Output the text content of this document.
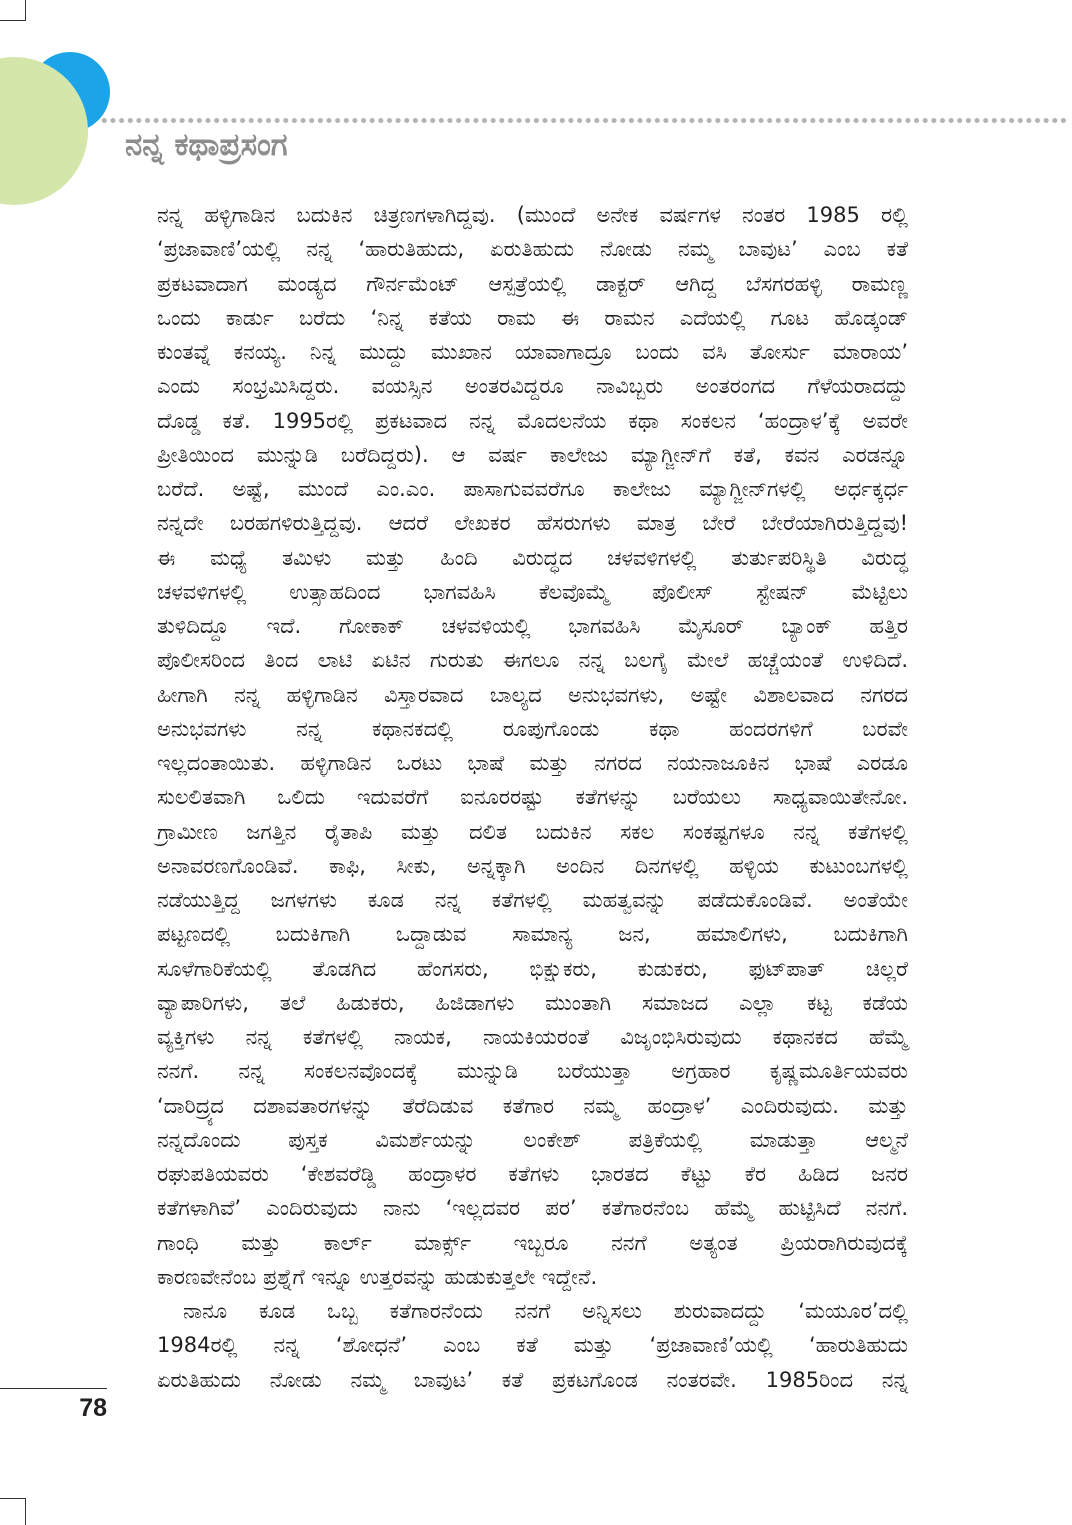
ನನ್ನ ಕಥಾಪ್ರಸಂಗ
ನನ್ನ ಹಳ್ಳಿಗಾಡಿನ ಬದುಕಿನ ಚಿತ್ರಣಗಳಾಗಿದ್ದವು. (ಮುಂದೆ ಅನೇಕ ವರ್ಷಗಳ ನಂತರ 1985 ರಲ್ಲಿ
‘ಪ್ರಜಾವಾಣಿ’ಯಲ್ಲಿ ನನ್ನ ‘ಹಾರುತಿಹುದು, ಏರುತಿಹುದು ನೋಡು ನಮ್ಮ ಬಾವುಟ’ ಎಂಬ ಕತೆ
ಪ್ರಕಟವಾದಾಗ ಮಂಡ್ಯದ ಗೌರ್ನಮೆಂಟ್ ಆಸ್ಪತ್ರೆಯಲ್ಲಿ ಡಾಕ್ಟರ್ ಆಗಿದ್ದ ಬೆಸಗರಹಳ್ಳಿ ರಾಮಣ್ಣ
ಒಂದು ಕಾರ್ಡು ಬರೆದು ‘ನಿನ್ನ ಕತೆಯ ರಾಮ ಈ ರಾಮನ ಎದೆಯಲ್ಲಿ ಗೂಟ ಹೊಡ್ಕಂಡ್
ಕುಂತವ್ನೆ ಕನಯ್ಯ. ನಿನ್ನ ಮುದ್ದು ಮುಖಾನ ಯಾವಾಗಾದ್ರೂ ಬಂದು ವಸಿ ತೋರ್ಸು ಮಾರಾಯ’
ಎಂದು ಸಂಭ್ರಮಿಸಿದ್ದರು. ವಯಸ್ಸಿನ ಅಂತರವಿದ್ದರೂ ನಾವಿಬ್ಬರು ಅಂತರಂಗದ ಗೆಳೆಯರಾದದ್ದು
ದೊಡ್ಡ ಕತೆ. 1995ರಲ್ಲಿ ಪ್ರಕಟವಾದ ನನ್ನ ಮೊದಲನೆಯ ಕಥಾ ಸಂಕಲನ ‘ಹಂದ್ರಾಳ’ಕ್ಕೆ ಅವರೇ
ಪ್ರೀತಿಯಿಂದ ಮುನ್ನುಡಿ ಬರೆದಿದ್ದರು). ಆ ವರ್ಷ ಕಾಲೇಜು ಮ್ಯಾಗ್ಜೀನ್‌ಗೆ ಕತೆ, ಕವನ ಎರಡನ್ನೂ
ಬರೆದೆ. ಅಷ್ಟೆ, ಮುಂದೆ ಎಂ.ಎಂ. ಪಾಸಾಗುವವರೆಗೂ ಕಾಲೇಜು ಮ್ಯಾಗ್ಜೀನ್‌ಗಳಲ್ಲಿ ಅರ್ಧಕ್ಕರ್ಧ
ನನ್ನದೇ ಬರಹಗಳಿರುತ್ತಿದ್ದವು. ಆದರೆ ಲೇಖಕರ ಹೆಸರುಗಳು ಮಾತ್ರ ಬೇರೆ ಬೇರೆಯಾಗಿರುತ್ತಿದ್ದವು!
ಈ ಮಧ್ಯೆ ತಮಿಳು ಮತ್ತು ಹಿಂದಿ ವಿರುದ್ಧದ ಚಳವಳಿಗಳಲ್ಲಿ ತುರ್ತುಪರಿಸ್ಥಿತಿ ವಿರುದ್ಧ
ಚಳವಳಿಗಳಲ್ಲಿ ಉತ್ಸಾಹದಿಂದ ಭಾಗವಹಿಸಿ ಕೆಲವೊಮ್ಮೆ ಪೊಲೀಸ್ ಸ್ಟೇಷನ್ ಮೆಟ್ಟಿಲು
ತುಳಿದಿದ್ದೂ ಇದೆ. ಗೋಕಾಕ್ ಚಳವಳಿಯಲ್ಲಿ ಭಾಗವಹಿಸಿ ಮೈಸೂರ್ ಬ್ಯಾಂಕ್ ಹತ್ತಿರ
ಪೊಲೀಸರಿಂದ ತಿಂದ ಲಾಟಿ ಏಟಿನ ಗುರುತು ಈಗಲೂ ನನ್ನ ಬಲಗೈ ಮೇಲೆ ಹಚ್ಚೆಯಂತೆ ಉಳಿದಿದೆ.
ಹೀಗಾಗಿ ನನ್ನ ಹಳ್ಳಿಗಾಡಿನ ವಿಸ್ತಾರವಾದ ಬಾಲ್ಯದ ಅನುಭವಗಳು, ಅಷ್ಟೇ ವಿಶಾಲವಾದ ನಗರದ
ಅನುಭವಗಳು ನನ್ನ ಕಥಾನಕದಲ್ಲಿ ರೂಪುಗೊಂಡು ಕಥಾ ಹಂದರಗಳಿಗೆ ಬರವೇ
ಇಲ್ಲದಂತಾಯಿತು. ಹಳ್ಳಿಗಾಡಿನ ಒರಟು ಭಾಷೆ ಮತ್ತು ನಗರದ ನಯನಾಜೂಕಿನ ಭಾಷೆ ಎರಡೂ
ಸುಲಲಿತವಾಗಿ ಒಲಿದು ಇದುವರೆಗೆ ಐನೂರರಷ್ಟು ಕತೆಗಳನ್ನು ಬರೆಯಲು ಸಾಧ್ಯವಾಯಿತೇನೋ.
ಗ್ರಾಮೀಣ ಜಗತ್ತಿನ ರೈತಾಪಿ ಮತ್ತು ದಲಿತ ಬದುಕಿನ ಸಕಲ ಸಂಕಷ್ಟಗಳೂ ನನ್ನ ಕತೆಗಳಲ್ಲಿ
ಅನಾವರಣಗೊಂಡಿವೆ. ಕಾಫಿ, ಸೀಕು, ಅನ್ನಕ್ಕಾಗಿ ಅಂದಿನ ದಿನಗಳಲ್ಲಿ ಹಳ್ಳಿಯ ಕುಟುಂಬಗಳಲ್ಲಿ
ನಡೆಯುತ್ತಿದ್ದ ಜಗಳಗಳು ಕೂಡ ನನ್ನ ಕತೆಗಳಲ್ಲಿ ಮಹತ್ವವನ್ನು ಪಡೆದುಕೊಂಡಿವೆ. ಅಂತೆಯೇ
ಪಟ್ಟಣದಲ್ಲಿ ಬದುಕಿಗಾಗಿ ಒದ್ದಾಡುವ ಸಾಮಾನ್ಯ ಜನ, ಹಮಾಲಿಗಳು, ಬದುಕಿಗಾಗಿ
ಸೂಳೆಗಾರಿಕೆಯಲ್ಲಿ ತೊಡಗಿದ ಹೆಂಗಸರು, ಭಿಕ್ಷುಕರು, ಕುಡುಕರು, ಫುಟ್‌ಪಾತ್ ಚಿಲ್ಲರೆ
ವ್ಯಾಪಾರಿಗಳು, ತಲೆ ಹಿಡುಕರು, ಹಿಜಿಡಾಗಳು ಮುಂತಾಗಿ ಸಮಾಜದ ಎಲ್ಲಾ ಕಟ್ಟ ಕಡೆಯ
ವ್ಯಕ್ತಿಗಳು ನನ್ನ ಕತೆಗಳಲ್ಲಿ ನಾಯಕ, ನಾಯಕಿಯರಂತೆ ವಿಜೃಂಭಿಸಿರುವುದು ಕಥಾನಕದ ಹೆಮ್ಮೆ
ನನಗೆ. ನನ್ನ ಸಂಕಲನವೊಂದಕ್ಕೆ ಮುನ್ನುಡಿ ಬರೆಯುತ್ತಾ ಅಗ್ರಹಾರ ಕೃಷ್ಣಮೂರ್ತಿಯವರು
‘ದಾರಿದ್ರ್ಯದ ದಶಾವತಾರಗಳನ್ನು ತೆರೆದಿಡುವ ಕತೆಗಾರ ನಮ್ಮ ಹಂದ್ರಾಳ’ ಎಂದಿರುವುದು. ಮತ್ತು
ನನ್ನದೊಂದು ಪುಸ್ತಕ ವಿಮರ್ಶೆಯನ್ನು ಲಂಕೇಶ್ ಪತ್ರಿಕೆಯಲ್ಲಿ ಮಾಡುತ್ತಾ ಆಲ್ಮನೆ
ರಘುಪತಿಯವರು ‘ಕೇಶವರೆಡ್ಡಿ ಹಂದ್ರಾಳರ ಕತೆಗಳು ಭಾರತದ ಕೆಟ್ಟು ಕೆರ ಹಿಡಿದ ಜನರ
ಕತೆಗಳಾಗಿವೆ’ ಎಂದಿರುವುದು ನಾನು ‘ಇಲ್ಲದವರ ಪರ’ ಕತೆಗಾರನೆಂಬ ಹೆಮ್ಮೆ ಹುಟ್ಟಿಸಿದೆ ನನಗೆ.
ಗಾಂಧಿ ಮತ್ತು ಕಾರ್ಲ್ ಮಾರ್ಕ್ಸ್ ಇಬ್ಬರೂ ನನಗೆ ಅತ್ಯಂತ ಪ್ರಿಯರಾಗಿರುವುದಕ್ಕೆ
ಕಾರಣವೇನೆಂಬ ಪ್ರಶ್ನೆಗೆ ಇನ್ನೂ ಉತ್ತರವನ್ನು ಹುಡುಕುತ್ತಲೇ ಇದ್ದೇನೆ.
ನಾನೂ ಕೂಡ ಒಬ್ಬ ಕತೆಗಾರನೆಂದು ನನಗೆ ಅನ್ನಿಸಲು ಶುರುವಾದದ್ದು ‘ಮಯೂರ’ದಲ್ಲಿ
1984ರಲ್ಲಿ ನನ್ನ ‘ಶೋಧನೆ’ ಎಂಬ ಕತೆ ಮತ್ತು ‘ಪ್ರಜಾವಾಣಿ’ಯಲ್ಲಿ ‘ಹಾರುತಿಹುದು
ಏರುತಿಹುದು ನೋಡು ನಮ್ಮ ಬಾವುಟ’ ಕತೆ ಪ್ರಕಟಗೊಂಡ ನಂತರವೇ. 1985ರಿಂದ ನನ್ನ
78
